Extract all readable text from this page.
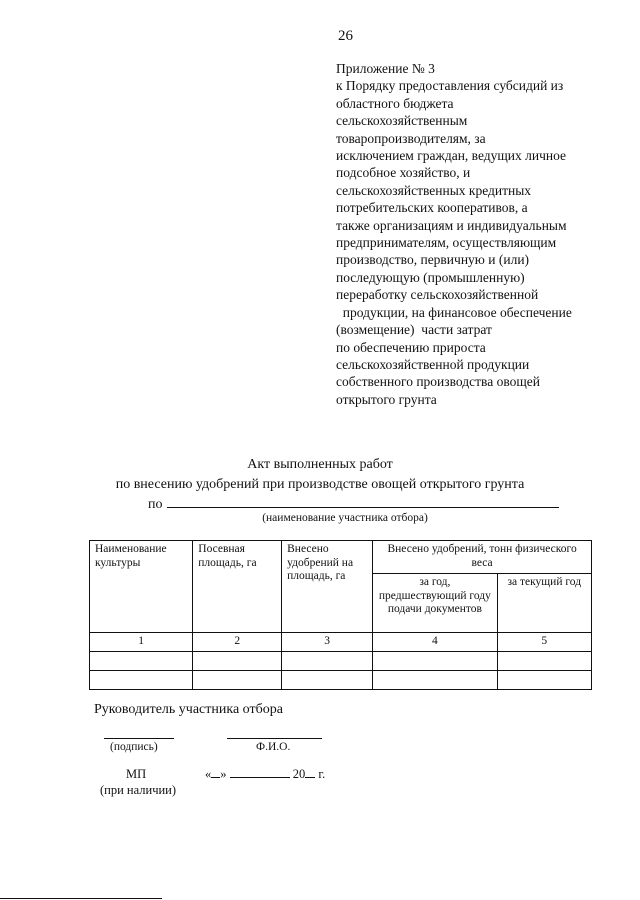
26
Приложение № 3
к Порядку предоставления субсидий из
областного бюджета
сельскохозяйственным
товаропроизводителям, за
исключением граждан, ведущих личное
подсобное хозяйство, и
сельскохозяйственных кредитных
потребительских кооперативов, а
также организациям и индивидуальным
предпринимателям, осуществляющим
производство, первичную и (или)
последующую (промышленную)
переработку сельскохозяйственной
продукции, на финансовое обеспечение
(возмещение)  части затрат
по обеспечению прироста
сельскохозяйственной продукции
собственного производства овощей
открытого грунта
Акт выполненных работ
по внесению удобрений при производстве овощей открытого грунта
по
(наименование участника отбора)
Наименование культуры	Посевная площадь, га	Внесено удобрений на площадь, га	Внесено удобрений, тонн физического веса	
			за год, предшествующий году подачи документов	за текущий год
1	2	3	4	5

Руководитель участника отбора
(подпись)	Ф.И.О.
МП
(при наличии)
« »	20 г.
